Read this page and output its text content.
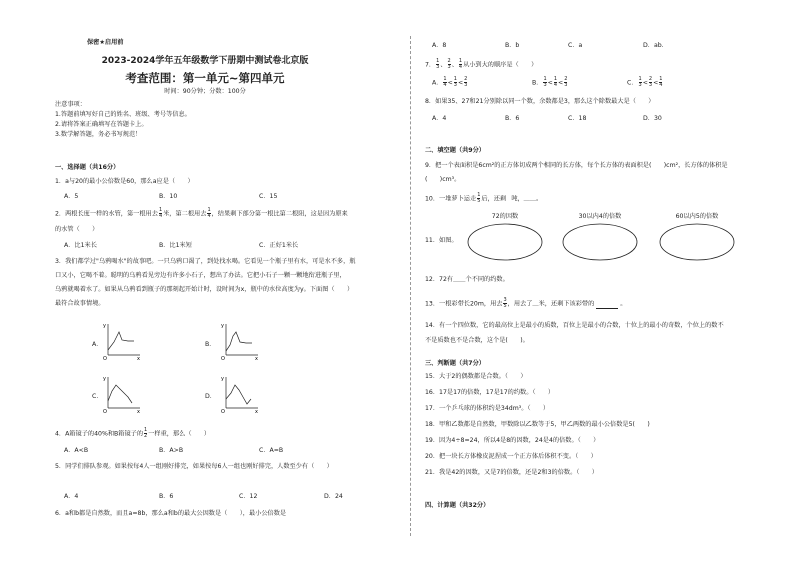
保密★启用前
2023-2024学年五年级数学下册期中测试卷北京版
考查范围：第一单元~第四单元
时间：90分钟；分数：100分
注意事项：
1.答题前填写好自己的姓名、班级、考号等信息。
2.请将答案正确填写在答题卡上。
3.数学解答题，务必书写规范！
一、选择题（共16分）
1．a与20的最小公倍数是60，那么a应是（　　）
A．5	B．10	C．15
2．两根长度一样的水管，第一根用去 $\frac{1}{4}$ 米，第二根用去 $\frac{1}{4}$ ，结果剩下部分第一根比第二根阻，这是因为原来
的水管（　　）
A．比1米长	B．比1米短	C．正好1米长
3．我们都学过"乌鸦喝水"的故事吧。一只乌鸦口渴了，到处找水喝。它看见一个瓶子里有水，可是水不多，瓶
口又小，它喝不着。聪明的乌鸦看见旁边有许多小石子，想出了办法。它把小石子一颗一颗地衔进瓶子里，
乌鸦就喝着水了。如果从乌鸦看到瓶子的那刻起开始计时，设时间为x，瓶中的水位高度为y。下面图（　　）
最符合故事情境。
A．
y
x
O
B．
y
x
O
C．
y
x
O
D．
y
x
O
4．A箱镜子的40%和B箱镜子的 $\frac{1}{2}$ 一样重，那么（　　）
A．A<B	B．A>B	C．A=B
5．同学们排队参观。如果按每4人一组刚好排完，如果按每6人一组也刚好排完，人数至少有（　　）
A．4	B．6	C．12	D．24
6．a和b都是自然数，而且a=8b，那么a和b的最大公因数是（　　），最小公倍数是
A．8	B．b	C．a	D．ab．
7． $\frac{1}{3}$ 、 $\frac{2}{3}$ 、 $\frac{1}{4}$ 从小到大的顺序是（　　）
A． $\frac{1}{4} < \frac{1}{3} < \frac{2}{3}$	B． $\frac{1}{3} < \frac{1}{4} < \frac{2}{3}$	C． $\frac{1}{3} < \frac{2}{3} < \frac{1}{4}$
8．如果35、27和21分别除以同一个数，余数都是3，那么这个除数最大是（　　）
A．4	B．6	C．18	D．30
二、填空题（共9分）
9．把一个表面积是6cm²的正方体切成两个相同的长方体，每个长方体的表面积是(　　)cm²，长方体的体积是
(　　)cm³。
10．一堆萝卜运走 $\frac{1}{5}$ 后，还剩 吨，＿＿。
72的因数	30以内4的倍数	60以内5的倍数
11．如图。
12．72有＿＿个不同的约数。
13．一根彩带长20m，用去 $\frac{3}{5}$ ，用去了＿米，还剩下该彩带的	。
14．有一个四位数，它的最高位上是最小的质数，百位上是最小的合数，十位上的最小的奇数，个位上的数不
不是质数也不是合数，这个是(　　)。
三、判断题（共7分）
15．大于2的偶数都是合数。（　　）
16．17是17的倍数，17是17的约数。（　　）
17．一个乒乓球的体积约是34dm³。（　　）
18．甲和乙数都是自然数，甲数除以乙数等于5，甲乙两数的最小公倍数是5(　　)
19．因为4÷8=24，所以4是8的因数，24是4的倍数。（　　）
20．把一块长方体橡皮泥捏成一个正方体后体积不变。（　　）
21．我是42的因数，又是7的倍数，还是2和3的倍数。（　　）
四、计算题（共32分）
